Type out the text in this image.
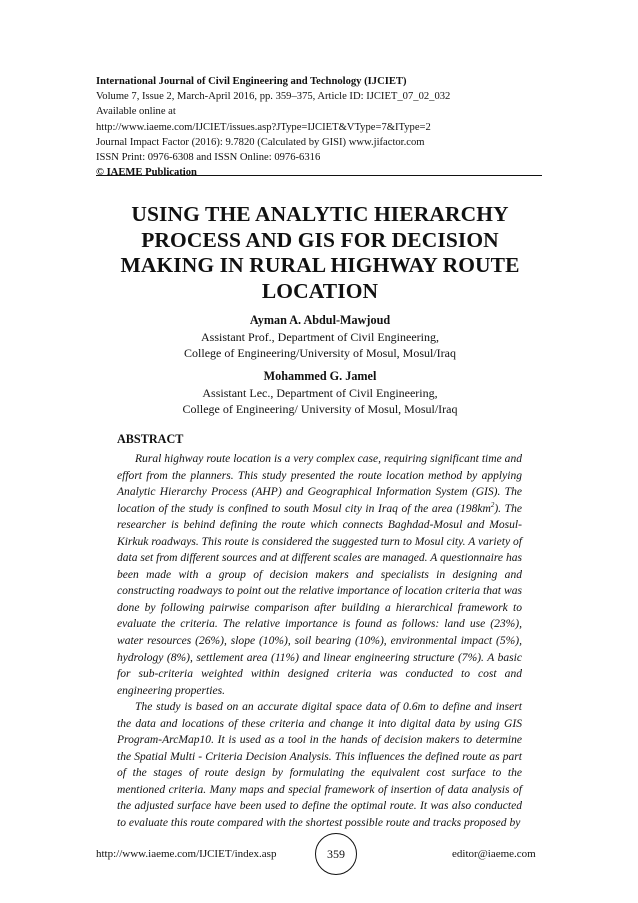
International Journal of Civil Engineering and Technology (IJCIET)
Volume 7, Issue 2, March-April 2016, pp. 359–375, Article ID: IJCIET_07_02_032
Available online at
http://www.iaeme.com/IJCIET/issues.asp?JType=IJCIET&VType=7&IType=2
Journal Impact Factor (2016): 9.7820 (Calculated by GISI) www.jifactor.com
ISSN Print: 0976-6308 and ISSN Online: 0976-6316
© IAEME Publication
USING THE ANALYTIC HIERARCHY
PROCESS AND GIS FOR DECISION
MAKING IN RURAL HIGHWAY ROUTE
LOCATION
Ayman A. Abdul-Mawjoud
Assistant Prof., Department of Civil Engineering,
College of Engineering/University of Mosul, Mosul/Iraq
Mohammed G. Jamel
Assistant Lec., Department of Civil Engineering,
College of Engineering/ University of Mosul, Mosul/Iraq
ABSTRACT

Rural highway route location is a very complex case, requiring significant time and effort from the planners. This study presented the route location method by applying Analytic Hierarchy Process (AHP) and Geographical Information System (GIS). The location of the study is confined to south Mosul city in Iraq of the area $(198km^2)$. The researcher is behind defining the route which connects Baghdad-Mosul and Mosul-Kirkuk roadways. This route is considered the suggested turn to Mosul city. A variety of data set from different sources and at different scales are managed. A questionnaire has been made with a group of decision makers and specialists in designing and constructing roadways to point out the relative importance of location criteria that was done by following pairwise comparison after building a hierarchical framework to evaluate the criteria. The relative importance is found as follows: land use (23%), water resources (26%), slope (10%), soil bearing (10%), environmental impact (5%), hydrology (8%), settlement area (11%) and linear engineering structure (7%). A basic for sub-criteria weighted within designed criteria was conducted to cost and engineering properties.

The study is based on an accurate digital space data of 0.6m to define and insert the data and locations of these criteria and change it into digital data by using GIS Program-ArcMap10. It is used as a tool in the hands of decision makers to determine the Spatial Multi - Criteria Decision Analysis. This influences the defined route as part of the stages of route design by formulating the equivalent cost surface to the mentioned criteria. Many maps and special framework of insertion of data analysis of the adjusted surface have been used to define the optimal route. It was also conducted to evaluate this route compared with the shortest possible route and tracks proposed by

http://www.iaeme.com/IJCIET/index.asp	359	editor@iaeme.com
